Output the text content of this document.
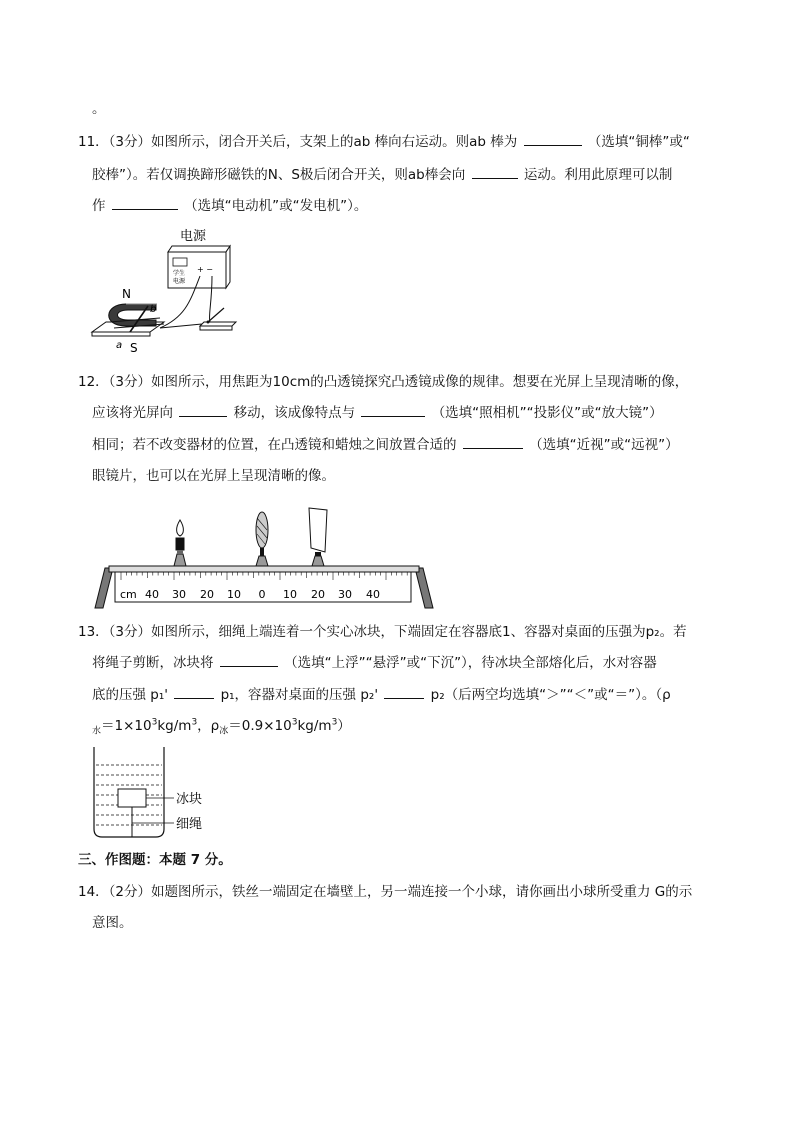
。
11．（3分）如图所示，闭合开关后，支架上的ab 棒向右运动。则ab 棒为	（选填“铜棒”或“
胶棒”）。若仅调换蹄形磁铁的N、S极后闭合开关，则ab棒会向	运动。利用此原理可以制
作	（选填“电动机”或“发电机”）。
电源
学生
电源
+ −
N
b
a S
12．（3分）如图所示，用焦距为10cm的凸透镜探究凸透镜成像的规律。想要在光屏上呈现清晰的像，
应该将光屏向	移动，该成像特点与	（选填“照相机”“投影仪”或“放大镜”）
相同；若不改变器材的位置，在凸透镜和蜡烛之间放置合适的	（选填“近视”或“远视”）
眼镜片，也可以在光屏上呈现清晰的像。
cm 40 30 20 10 0 10 20 30 40
13．（3分）如图所示，细绳上端连着一个实心冰块，下端固定在容器底1、容器对桌面的压强为p₂。若
将绳子剪断，冰块将	（选填“上浮”“悬浮”或“下沉”），待冰块全部熔化后，水对容器
底的压强 p₁'	p₁，容器对桌面的压强 p₂'	p₂（后两空均选填“＞”“＜”或“＝”）。（ρ
$_水=1\times 10^3kg/m^3$，$\rho_冰=0.9\times 10^3kg/m^3$）
冰块
细绳
三、作图题：本题 7 分。
14．（2分）如题图所示，铁丝一端固定在墙壁上，另一端连接一个小球，请你画出小球所受重力 G的示
意图。
